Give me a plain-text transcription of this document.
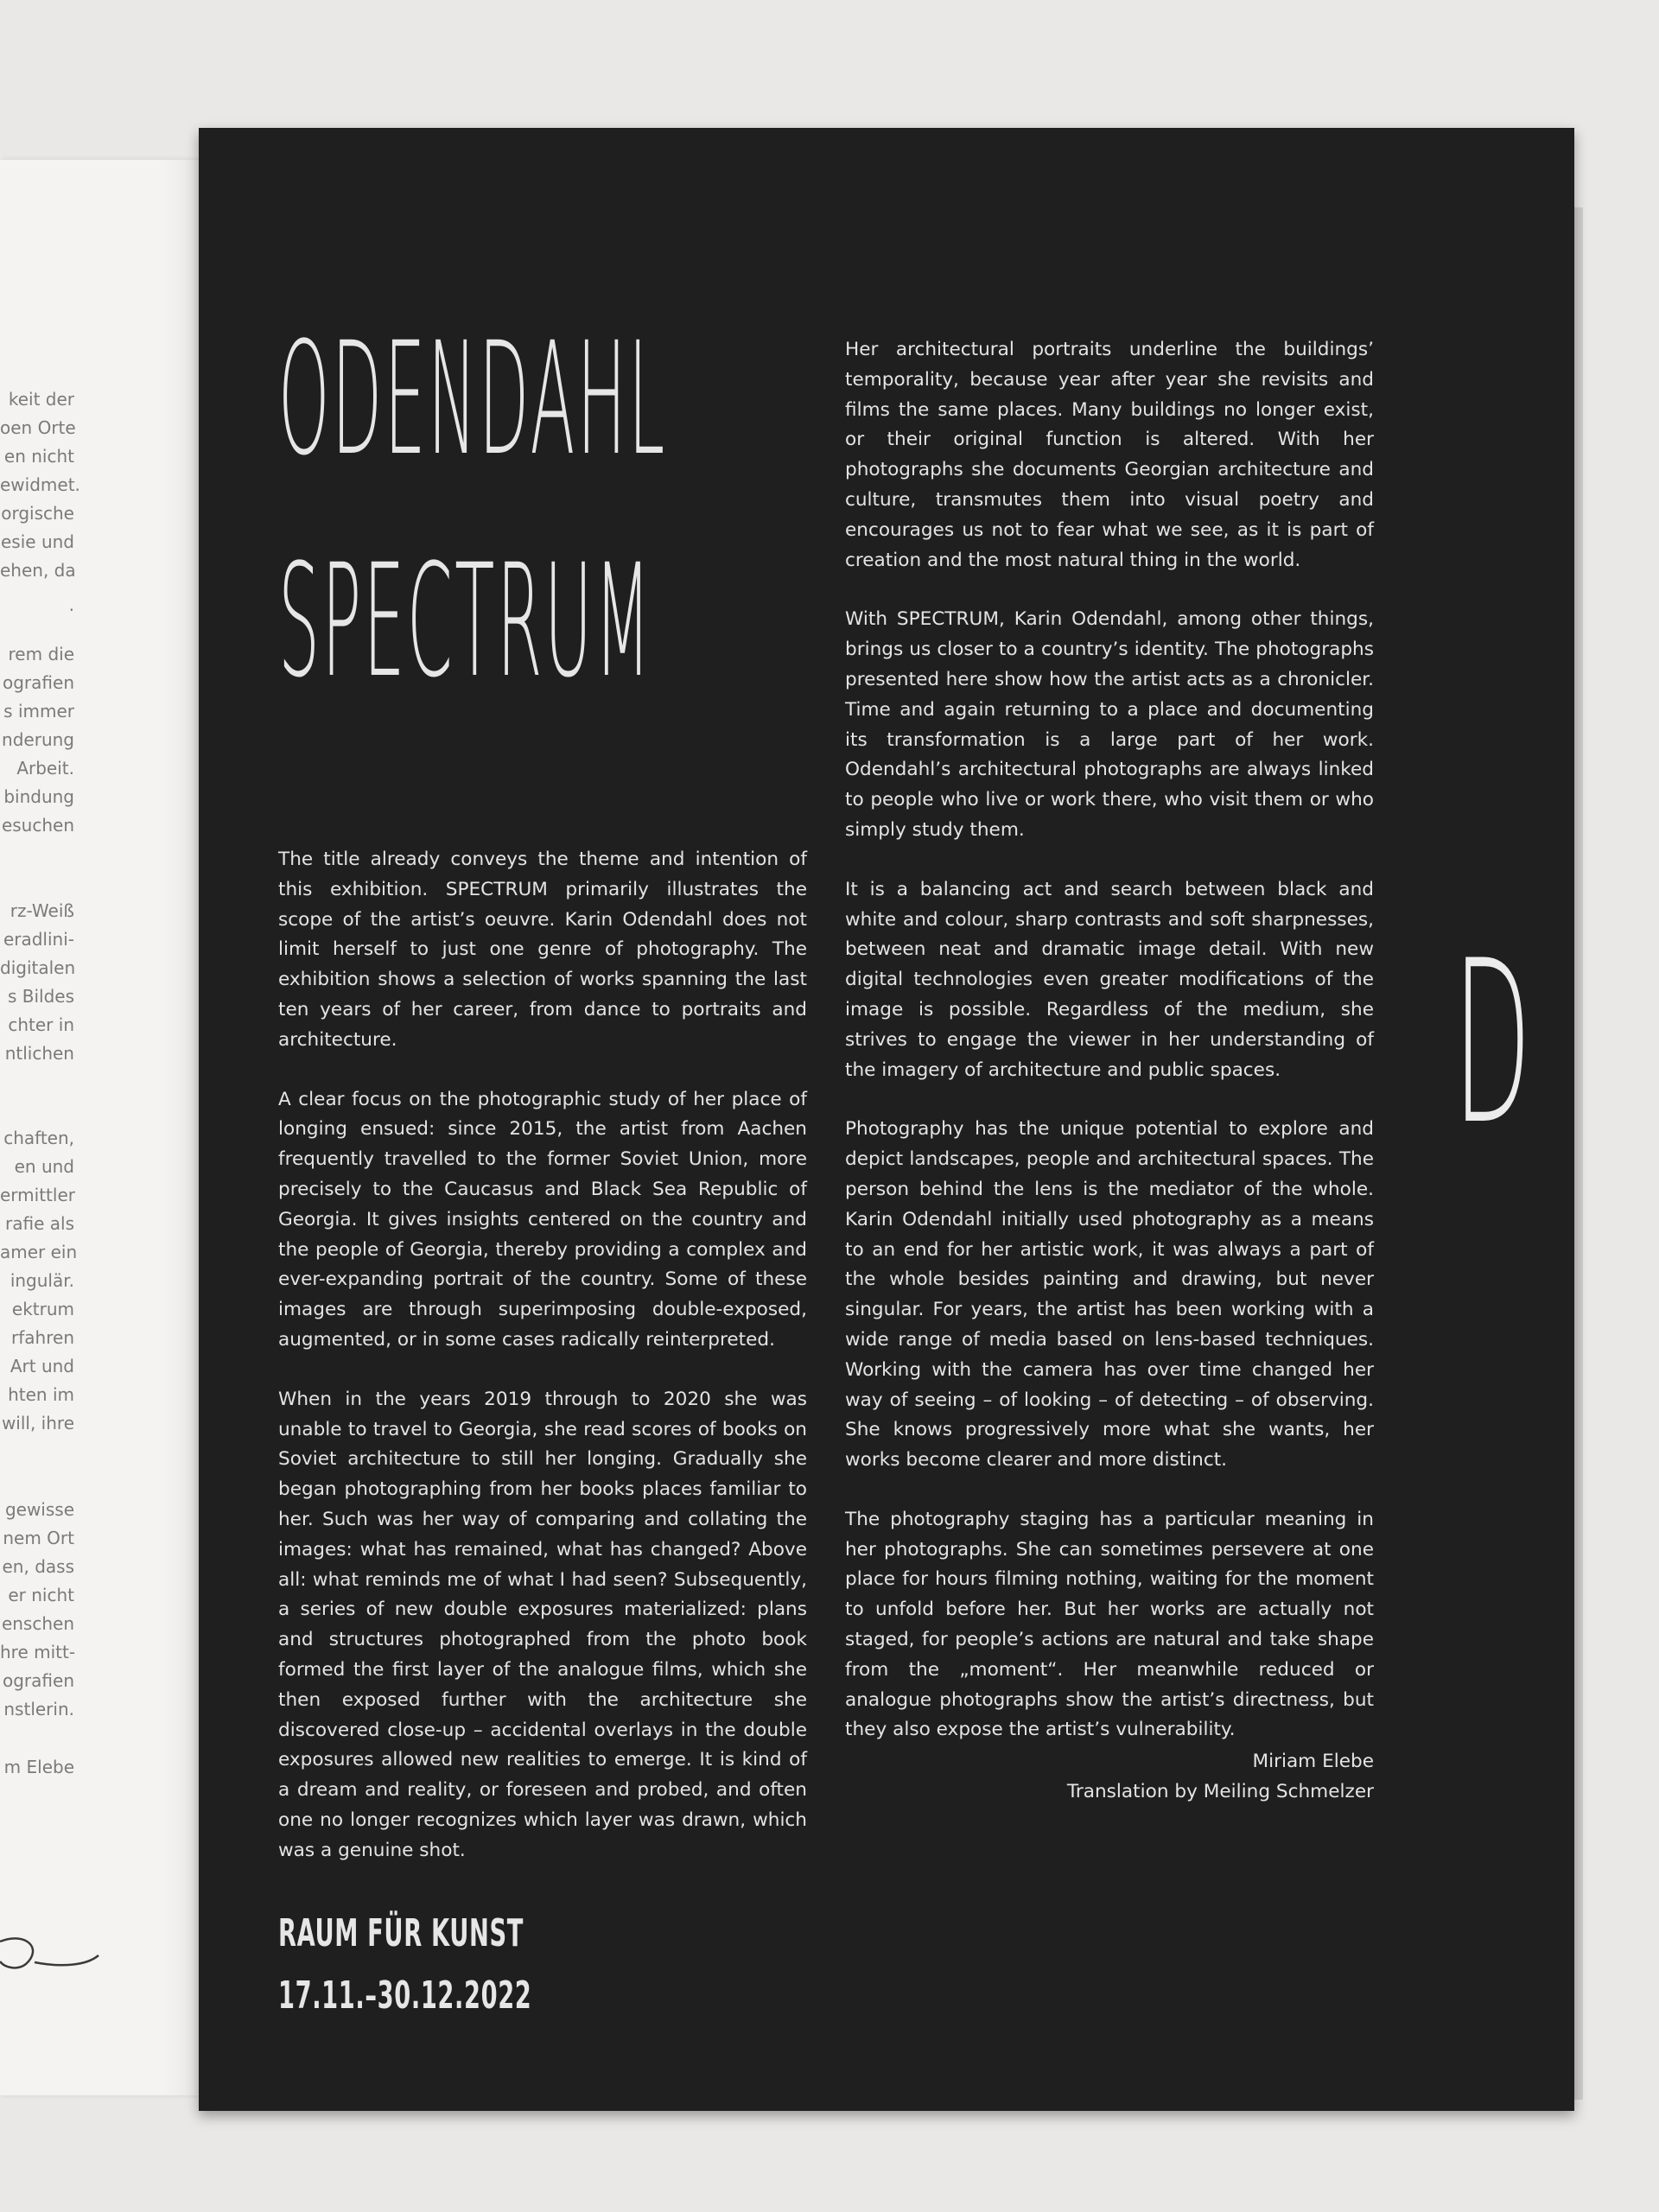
keit der
oen Orte
en nicht
ewidmet.
orgische
esie und
ehen, da
.
rem die
ografien
s immer
nderung
Arbeit.
bindung
esuchen
rz-Weiß
eradlini-
digitalen
s Bildes
chter in
ntlichen
chaften,
en und
ermittler
rafie als
amer ein
ingulär.
ektrum
rfahren
Art und
hten im
will, ihre
gewisse
nem Ort
en, dass
er nicht
enschen
hre mitt-
ografien
nstlerin.
m Elebe
ODENDAHL
SPECTRUM

The title already conveys the theme and intention of this exhibition. SPECTRUM primarily illustrates the scope of the artist’s oeuvre. Karin Odendahl does not limit herself to just one genre of photography. The exhibition shows a selection of works spanning the last ten years of her career, from dance to portraits and architecture.

A clear focus on the photographic study of her place of longing ensued: since 2015, the artist from Aachen frequently travelled to the former Soviet Union, more precisely to the Caucasus and Black Sea Republic of Georgia. It gives insights centered on the country and the people of Georgia, thereby providing a complex and ever-expanding portrait of the country. Some of these images are through superimposing double-exposed, augmented, or in some cases radically reinterpreted.

When in the years 2019 through to 2020 she was unable to travel to Georgia, she read scores of books on Soviet architecture to still her longing. Gradually she began photographing from her books places familiar to her. Such was her way of comparing and collating the images: what has remained, what has changed? Above all: what reminds me of what I had seen? Subsequently, a series of new double exposures materialized: plans and structures photographed from the photo book formed the first layer of the analogue films, which she then exposed further with the architecture she discovered close-up – accidental overlays in the double exposures allowed new realities to emerge. It is kind of a dream and reality, or foreseen and probed, and often one no longer recognizes which layer was drawn, which was a genuine shot.

Her architectural portraits underline the buildings’ temporality, because year after year she revisits and films the same places. Many buildings no longer exist, or their original function is altered. With her photographs she documents Georgian architecture and culture, transmutes them into visual poetry and encourages us not to fear what we see, as it is part of creation and the most natural thing in the world.

With SPECTRUM, Karin Odendahl, among other things, brings us closer to a country’s identity. The photographs presented here show how the artist acts as a chronicler. Time and again returning to a place and documenting its transformation is a large part of her work. Odendahl’s architectural photographs are always linked to people who live or work there, who visit them or who simply study them.

It is a balancing act and search between black and white and colour, sharp contrasts and soft sharpnesses, between neat and dramatic image detail. With new digital technologies even greater modifications of the image is possible. Regardless of the medium, she strives to engage the viewer in her understanding of the imagery of architecture and public spaces.

Photography has the unique potential to explore and depict landscapes, people and architectural spaces. The person behind the lens is the mediator of the whole. Karin Odendahl initially used photography as a means to an end for her artistic work, it was always a part of the whole besides painting and drawing, but never singular. For years, the artist has been working with a wide range of media based on lens-based techniques. Working with the camera has over time changed her way of seeing – of looking – of detecting – of observing. She knows progressively more what she wants, her works become clearer and more distinct.

The photography staging has a particular meaning in her photographs. She can sometimes persevere at one place for hours filming nothing, waiting for the moment to unfold before her. But her works are actually not staged, for people’s actions are natural and take shape from the „moment“. Her meanwhile reduced or analogue photographs show the artist’s directness, but they also expose the artist’s vulnerability.

Miriam Elebe
Translation by Meiling Schmelzer
D
RAUM FÜR KUNST
17.11.–30.12.2022
